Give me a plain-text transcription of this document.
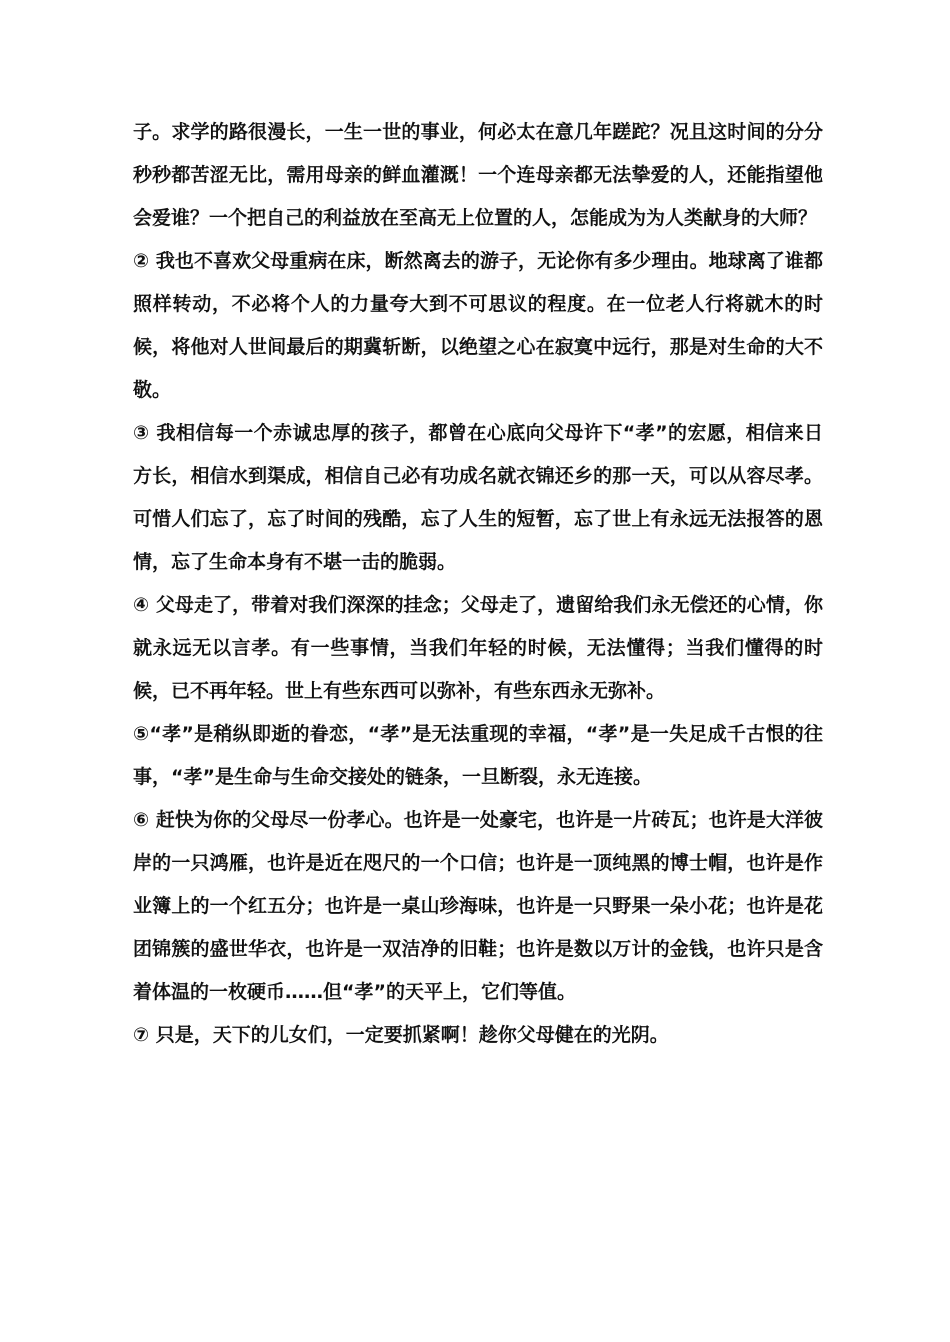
子。求学的路很漫长，一生一世的事业，何必太在意几年蹉跎？况且这时间的分分秒秒都苦涩无比，需用母亲的鲜血灌溉！一个连母亲都无法挚爱的人，还能指望他会爱谁？一个把自己的利益放在至高无上位置的人，怎能成为为人类献身的大师？

② 我也不喜欢父母重病在床，断然离去的游子，无论你有多少理由。地球离了谁都照样转动，不必将个人的力量夸大到不可思议的程度。在一位老人行将就木的时候，将他对人世间最后的期冀斩断，以绝望之心在寂寞中远行，那是对生命的大不敬。

③ 我相信每一个赤诚忠厚的孩子，都曾在心底向父母许下“孝”的宏愿，相信来日方长，相信水到渠成，相信自己必有功成名就衣锦还乡的那一天，可以从容尽孝。可惜人们忘了，忘了时间的残酷，忘了人生的短暂，忘了世上有永远无法报答的恩情，忘了生命本身有不堪一击的脆弱。

④ 父母走了，带着对我们深深的挂念；父母走了，遗留给我们永无偿还的心情，你就永远无以言孝。有一些事情，当我们年轻的时候，无法懂得；当我们懂得的时候，已不再年轻。世上有些东西可以弥补，有些东西永无弥补。

⑤“孝”是稍纵即逝的眷恋，“孝”是无法重现的幸福，“孝”是一失足成千古恨的往事，“孝”是生命与生命交接处的链条，一旦断裂，永无连接。

⑥ 赶快为你的父母尽一份孝心。也许是一处豪宅，也许是一片砖瓦；也许是大洋彼岸的一只鸿雁，也许是近在咫尺的一个口信；也许是一顶纯黑的博士帽，也许是作业簿上的一个红五分；也许是一桌山珍海味，也许是一只野果一朵小花；也许是花团锦簇的盛世华衣，也许是一双洁净的旧鞋；也许是数以万计的金钱，也许只是含着体温的一枚硬币……但“孝”的天平上，它们等值。

⑦ 只是，天下的儿女们，一定要抓紧啊！趁你父母健在的光阴。
